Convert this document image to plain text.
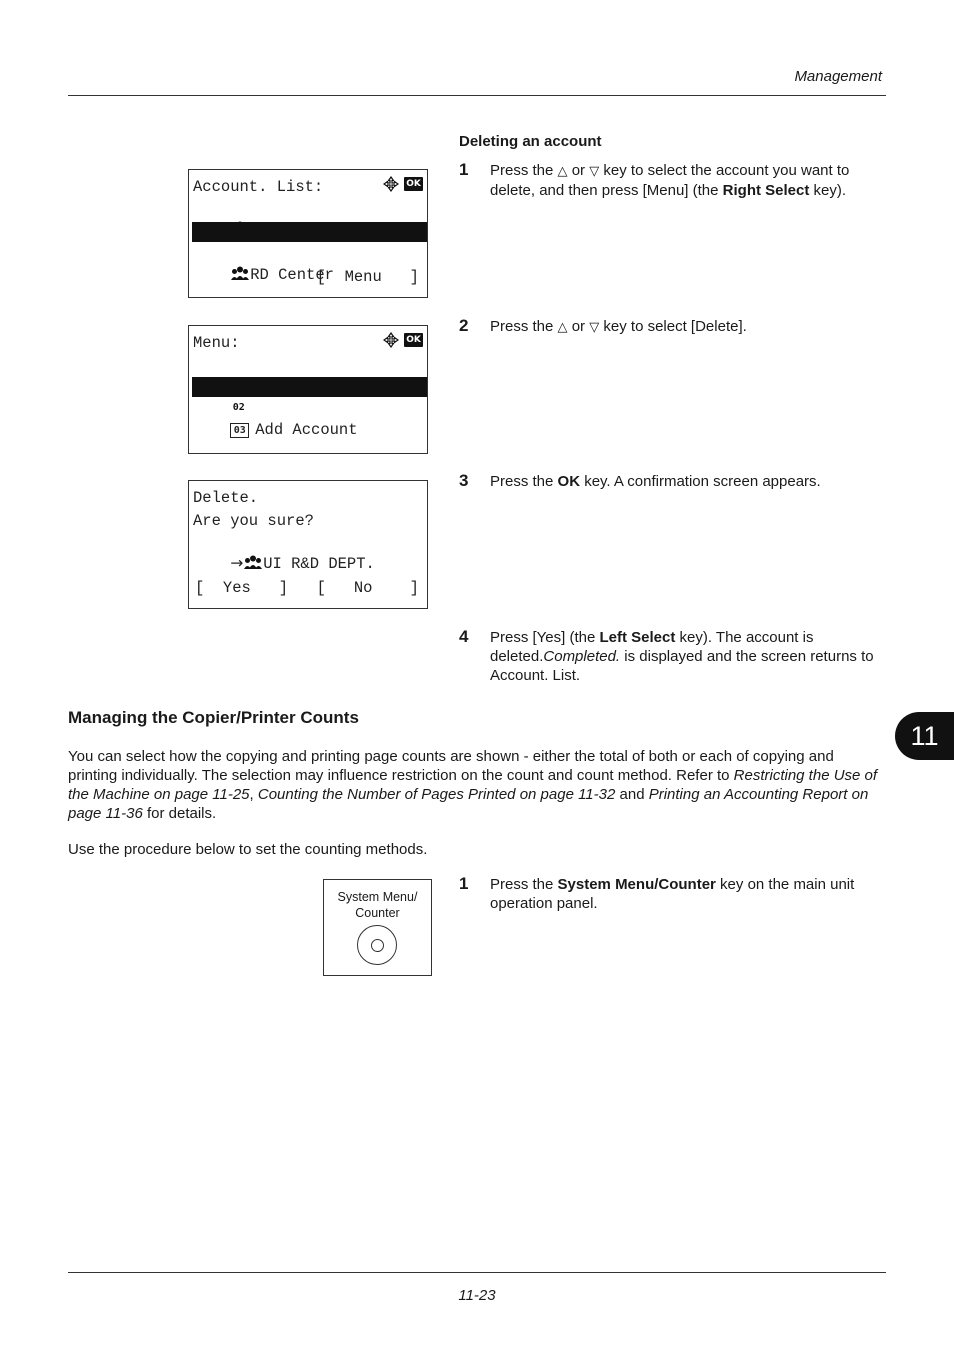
Management
Deleting an account
1 Press the △ or ▽ key to select the account you want to delete, and then press [Menu] (the Right Select key).
Account. List:	OK

GUI Design

RD Center

[  Menu   ]
2 Press the △ or ▽ key to select [Delete].
Menu:	OK

02 Delete

03 Add Account

3 Press the OK key. A confirmation screen appears.
Delete.
Are you sure?

→ UI R&D DEPT.

[  Yes   ] [   No    ]
4 Press [Yes] (the Left Select key). The account is deleted.Completed. is displayed and the screen returns to Account. List.
Managing the Copier/Printer Counts
11
You can select how the copying and printing page counts are shown - either the total of both or each of copying and printing individually. The selection may influence restriction on the count and count method. Refer to Restricting the Use of the Machine on page 11-25, Counting the Number of Pages Printed on page 11-32 and Printing an Accounting Report on page 11-36 for details.
Use the procedure below to set the counting methods.
System Menu/
Counter
1 Press the System Menu/Counter key on the main unit operation panel.
11-23
